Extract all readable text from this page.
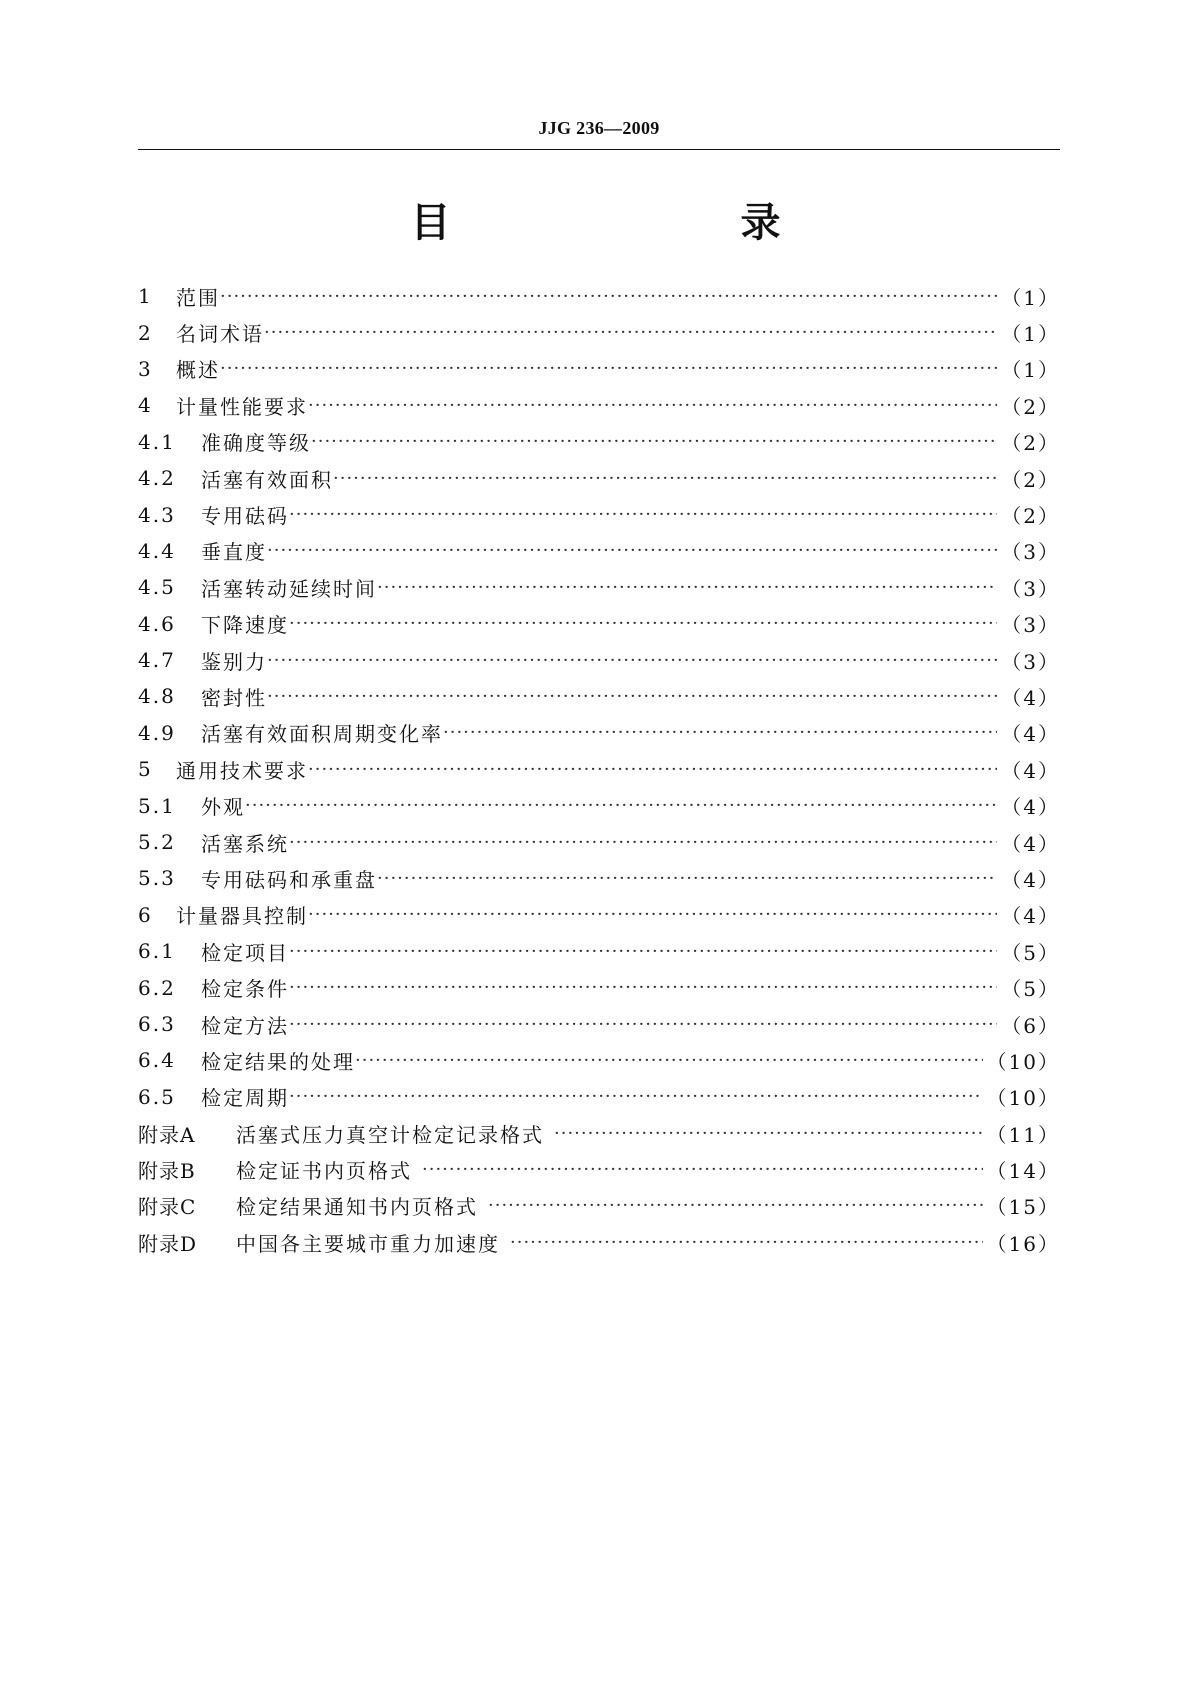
JJG 236—2009
目　　录
1	范围 ·····	（1）
2	名词术语 ·····	（1）
3	概述 ·····	（1）
4	计量性能要求 ·····	（2）
4.1	准确度等级 ·····	（2）
4.2	活塞有效面积 ·····	（2）
4.3	专用砝码 ·····	（2）
4.4	垂直度 ·····	（3）
4.5	活塞转动延续时间 ·····	（3）
4.6	下降速度 ·····	（3）
4.7	鉴别力 ·····	（3）
4.8	密封性 ·····	（4）
4.9	活塞有效面积周期变化率 ·····	（4）
5	通用技术要求 ·····	（4）
5.1	外观 ·····	（4）
5.2	活塞系统 ·····	（4）
5.3	专用砝码和承重盘 ·····	（4）
6	计量器具控制 ·····	（4）
6.1	检定项目 ·····	（5）
6.2	检定条件 ·····	（5）
6.3	检定方法 ·····	（6）
6.4	检定结果的处理 ·····	（10）
6.5	检定周期 ·····	（10）
附录A	活塞式压力真空计检定记录格式 ·····	（11）
附录B	检定证书内页格式 ·····	（14）
附录C	检定结果通知书内页格式 ·····	（15）
附录D	中国各主要城市重力加速度 ·····	（16）
